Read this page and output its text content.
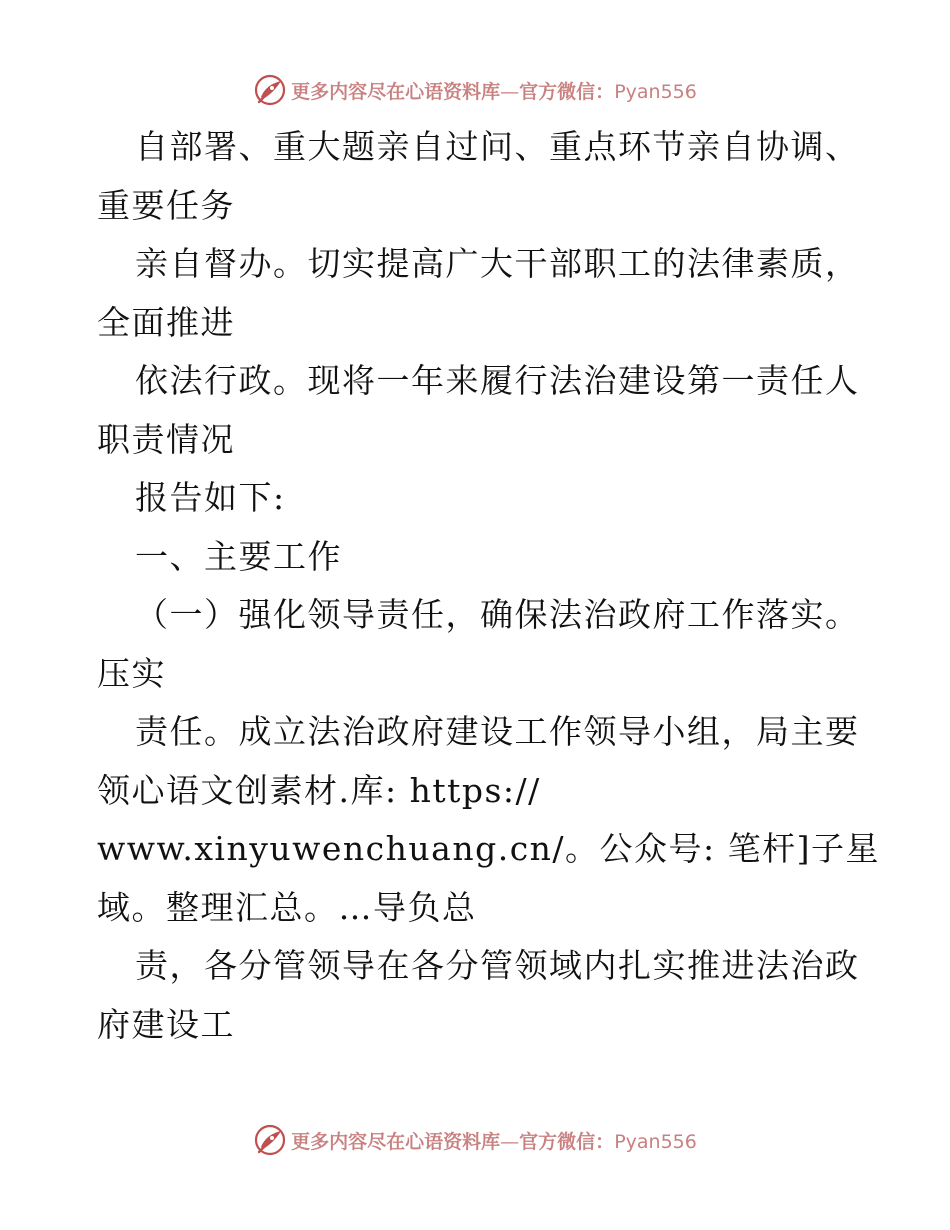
更多内容尽在心语资料库—官方微信：Pyan556
自部署、重大题亲自过问、重点环节亲自协调、
重要任务
亲自督办。切实提高广大干部职工的法律素质，
全面推进
依法行政。现将一年来履行法治建设第一责任人
职责情况
报告如下:
一、主要工作
（一）强化领导责任，确保法治政府工作落实。
压实
责任。成立法治政府建设工作领导小组，局主要
领心语文创素材.库: https://
www.xinyuwenchuang.cn/。公众号: 笔杆]子星
域。整理汇总。…导负总
责，各分管领导在各分管领域内扎实推进法治政
府建设工
更多内容尽在心语资料库—官方微信：Pyan556
